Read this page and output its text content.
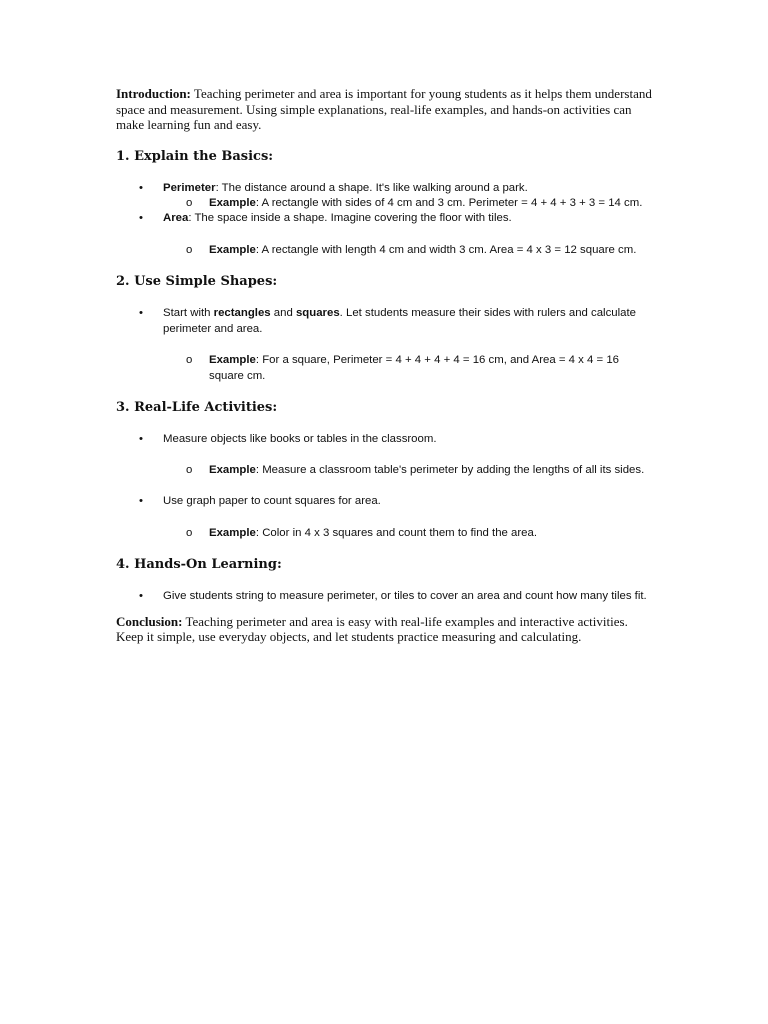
Introduction: Teaching perimeter and area is important for young students as it helps them understand space and measurement. Using simple explanations, real-life examples, and hands-on activities can make learning fun and easy.

1. Explain the Basics:
• Perimeter: The distance around a shape. It's like walking around a park.
o Example: A rectangle with sides of 4 cm and 3 cm. Perimeter = 4 + 4 + 3 + 3 = 14 cm.
• Area: The space inside a shape. Imagine covering the floor with tiles.
o Example: A rectangle with length 4 cm and width 3 cm. Area = 4 x 3 = 12 square cm.
2. Use Simple Shapes:
• Start with rectangles and squares. Let students measure their sides with rulers and calculate perimeter and area.
o Example: For a square, Perimeter = 4 + 4 + 4 + 4 = 16 cm, and Area = 4 x 4 = 16 square cm.
3. Real-Life Activities:
• Measure objects like books or tables in the classroom.
o Example: Measure a classroom table's perimeter by adding the lengths of all its sides.
• Use graph paper to count squares for area.
o Example: Color in 4 x 3 squares and count them to find the area.
4. Hands-On Learning:
• Give students string to measure perimeter, or tiles to cover an area and count how many tiles fit.

Conclusion: Teaching perimeter and area is easy with real-life examples and interactive activities. Keep it simple, use everyday objects, and let students practice measuring and calculating.
